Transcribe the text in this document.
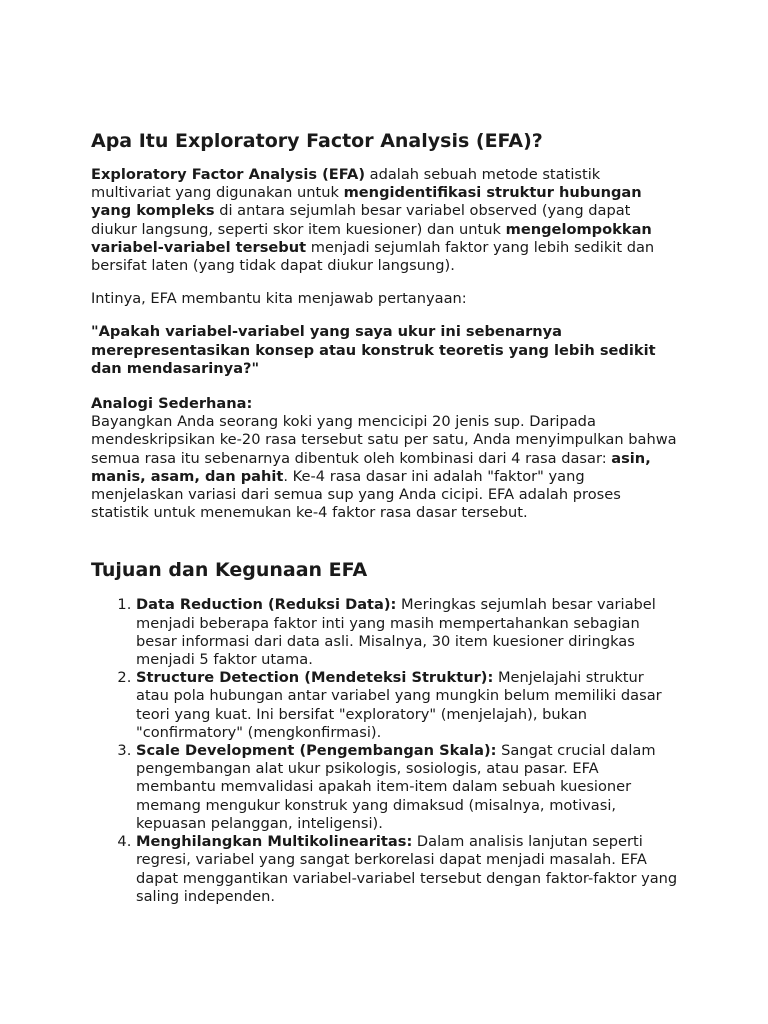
Apa Itu Exploratory Factor Analysis (EFA)?

Exploratory Factor Analysis (EFA) adalah sebuah metode statistik multivariat yang digunakan untuk mengidentifikasi struktur hubungan yang kompleks di antara sejumlah besar variabel observed (yang dapat diukur langsung, seperti skor item kuesioner) dan untuk mengelompokkan variabel-variabel tersebut menjadi sejumlah faktor yang lebih sedikit dan bersifat laten (yang tidak dapat diukur langsung).

Intinya, EFA membantu kita menjawab pertanyaan:

"Apakah variabel-variabel yang saya ukur ini sebenarnya merepresentasikan konsep atau konstruk teoretis yang lebih sedikit dan mendasarinya?"

Analogi Sederhana:
Bayangkan Anda seorang koki yang mencicipi 20 jenis sup. Daripada mendeskripsikan ke-20 rasa tersebut satu per satu, Anda menyimpulkan bahwa semua rasa itu sebenarnya dibentuk oleh kombinasi dari 4 rasa dasar: asin, manis, asam, dan pahit. Ke-4 rasa dasar ini adalah "faktor" yang menjelaskan variasi dari semua sup yang Anda cicipi. EFA adalah proses statistik untuk menemukan ke-4 faktor rasa dasar tersebut.

Tujuan dan Kegunaan EFA
1. Data Reduction (Reduksi Data): Meringkas sejumlah besar variabel menjadi beberapa faktor inti yang masih mempertahankan sebagian besar informasi dari data asli. Misalnya, 30 item kuesioner diringkas menjadi 5 faktor utama.
2. Structure Detection (Mendeteksi Struktur): Menjelajahi struktur atau pola hubungan antar variabel yang mungkin belum memiliki dasar teori yang kuat. Ini bersifat "exploratory" (menjelajah), bukan "confirmatory" (mengkonfirmasi).
3. Scale Development (Pengembangan Skala): Sangat crucial dalam pengembangan alat ukur psikologis, sosiologis, atau pasar. EFA membantu memvalidasi apakah item-item dalam sebuah kuesioner memang mengukur konstruk yang dimaksud (misalnya, motivasi, kepuasan pelanggan, inteligensi).
4. Menghilangkan Multikolinearitas: Dalam analisis lanjutan seperti regresi, variabel yang sangat berkorelasi dapat menjadi masalah. EFA dapat menggantikan variabel-variabel tersebut dengan faktor-faktor yang saling independen.
